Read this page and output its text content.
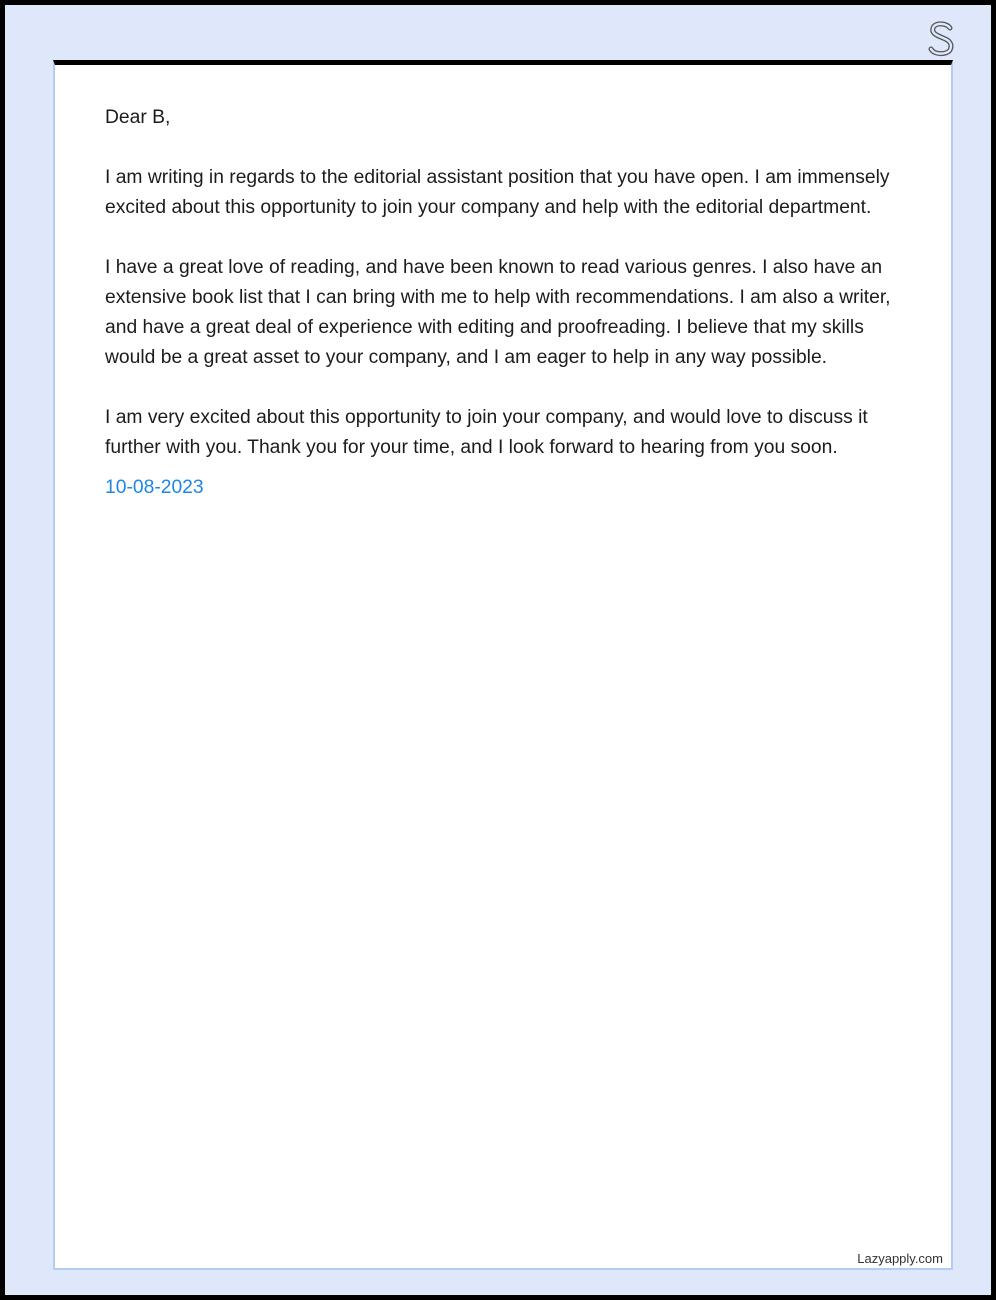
Dear B,

I am writing in regards to the editorial assistant position that you have open. I am immensely excited about this opportunity to join your company and help with the editorial department.

I have a great love of reading, and have been known to read various genres. I also have an extensive book list that I can bring with me to help with recommendations. I am also a writer, and have a great deal of experience with editing and proofreading. I believe that my skills would be a great asset to your company, and I am eager to help in any way possible.

I am very excited about this opportunity to join your company, and would love to discuss it further with you. Thank you for your time, and I look forward to hearing from you soon.

10-08-2023
Lazyapply.com
